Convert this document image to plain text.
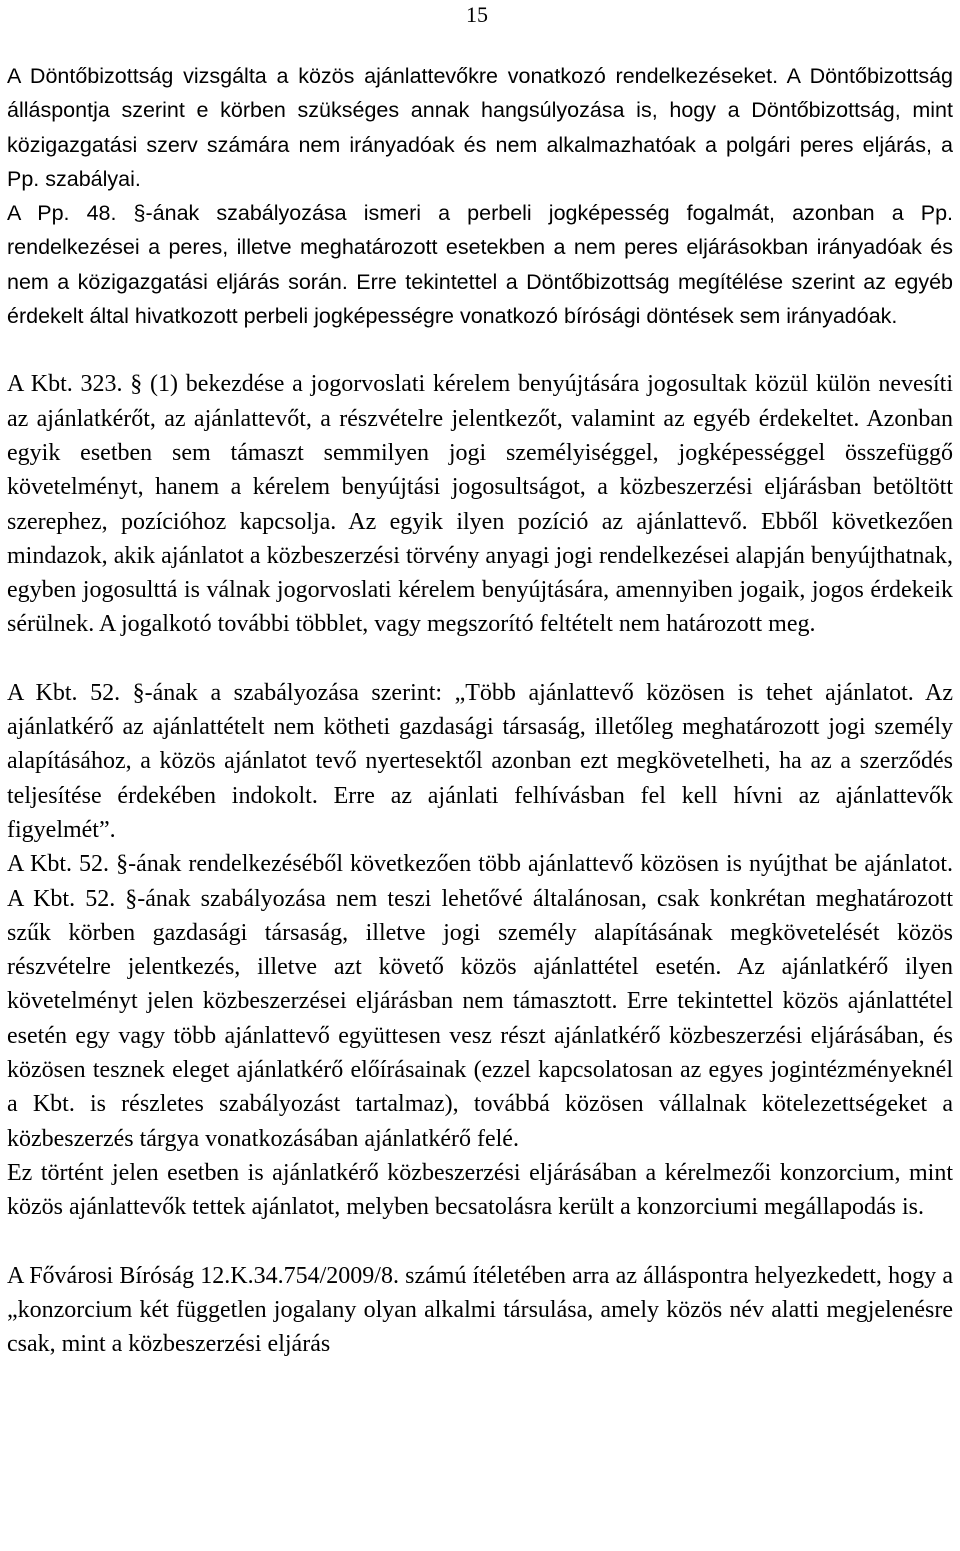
15

A Döntőbizottság vizsgálta a közös ajánlattevőkre vonatkozó rendelkezéseket. A Döntőbizottság álláspontja szerint e körben szükséges annak hangsúlyozása is, hogy a Döntőbizottság, mint közigazgatási szerv számára nem irányadóak és nem alkalmazhatóak a polgári peres eljárás, a Pp. szabályai.

A Pp. 48. §-ának szabályozása ismeri a perbeli jogképesség fogalmát, azonban a Pp. rendelkezései a peres, illetve meghatározott esetekben a nem peres eljárásokban irányadóak és nem a közigazgatási eljárás során. Erre tekintettel a Döntőbizottság megítélése szerint az egyéb érdekelt által hivatkozott perbeli jogképességre vonatkozó bírósági döntések sem irányadóak.

A Kbt. 323. § (1) bekezdése a jogorvoslati kérelem benyújtására jogosultak közül külön nevesíti az ajánlatkérőt, az ajánlattevőt, a részvételre jelentkezőt, valamint az egyéb érdekeltet. Azonban egyik esetben sem támaszt semmilyen jogi személyiséggel, jogképességgel összefüggő követelményt, hanem a kérelem benyújtási jogosultságot, a közbeszerzési eljárásban betöltött szerephez, pozícióhoz kapcsolja. Az egyik ilyen pozíció az ajánlattevő. Ebből következően mindazok, akik ajánlatot a közbeszerzési törvény anyagi jogi rendelkezései alapján benyújthatnak, egyben jogosulttá is válnak jogorvoslati kérelem benyújtására, amennyiben jogaik, jogos érdekeik sérülnek. A jogalkotó további többlet, vagy megszorító feltételt nem határozott meg.

A Kbt. 52. §-ának a szabályozása szerint: „Több ajánlattevő közösen is tehet ajánlatot. Az ajánlatkérő az ajánlattételt nem kötheti gazdasági társaság, illetőleg meghatározott jogi személy alapításához, a közös ajánlatot tevő nyertesektől azonban ezt megkövetelheti, ha az a szerződés teljesítése érdekében indokolt. Erre az ajánlati felhívásban fel kell hívni az ajánlattevők figyelmét”.

A Kbt. 52. §-ának rendelkezéséből következően több ajánlattevő közösen is nyújthat be ajánlatot. A Kbt. 52. §-ának szabályozása nem teszi lehetővé általánosan, csak konkrétan meghatározott szűk körben gazdasági társaság, illetve jogi személy alapításának megkövetelését közös részvételre jelentkezés, illetve azt követő közös ajánlattétel esetén. Az ajánlatkérő ilyen követelményt jelen közbeszerzései eljárásban nem támasztott. Erre tekintettel közös ajánlattétel esetén egy vagy több ajánlattevő együttesen vesz részt ajánlatkérő közbeszerzési eljárásában, és közösen tesznek eleget ajánlatkérő előírásainak (ezzel kapcsolatosan az egyes jogintézményeknél a Kbt. is részletes szabályozást tartalmaz), továbbá közösen vállalnak kötelezettségeket a közbeszerzés tárgya vonatkozásában ajánlatkérő felé.

Ez történt jelen esetben is ajánlatkérő közbeszerzési eljárásában a kérelmezői konzorcium, mint közös ajánlattevők tettek ajánlatot, melyben becsatolásra került a konzorciumi megállapodás is.

A Fővárosi Bíróság 12.K.34.754/2009/8. számú ítéletében arra az álláspontra helyezkedett, hogy a „konzorcium két független jogalany olyan alkalmi társulása, amely közös név alatti megjelenésre csak, mint a közbeszerzési eljárás
